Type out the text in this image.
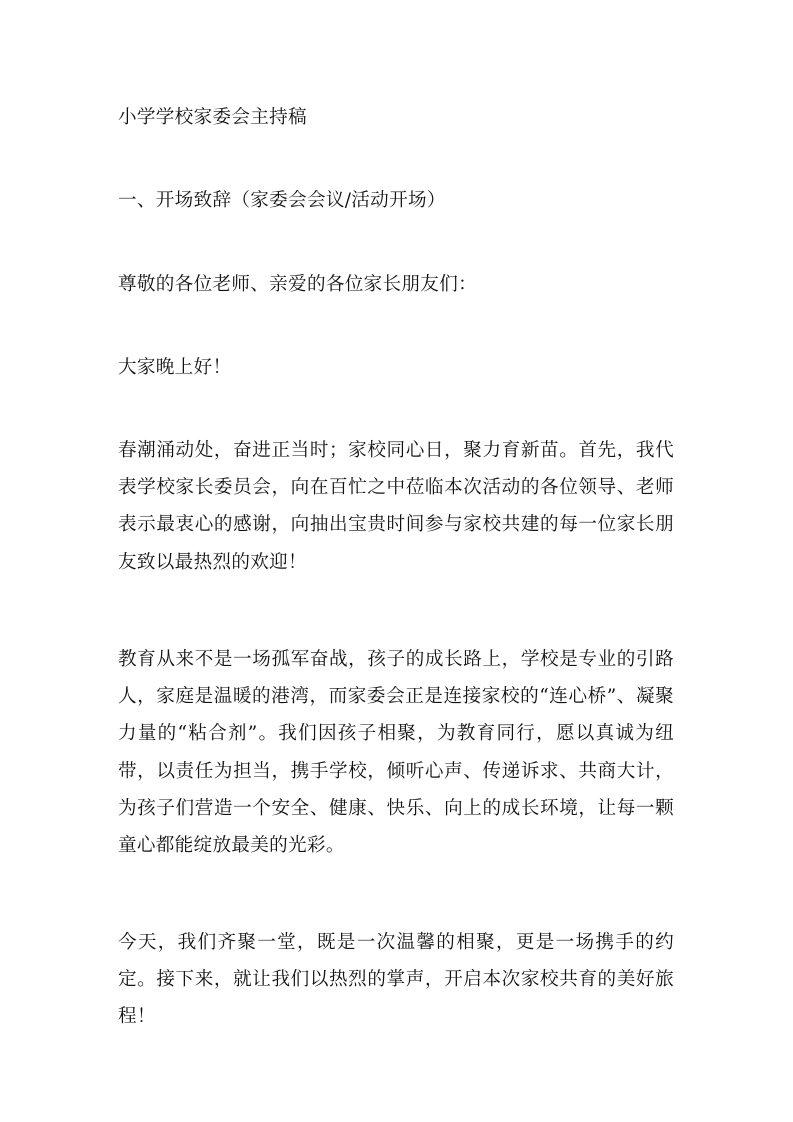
小学学校家委会主持稿
一、开场致辞（家委会会议/活动开场）
尊敬的各位老师、亲爱的各位家长朋友们：
大家晚上好！
春潮涌动处，奋进正当时；家校同心日，聚力育新苗。首先，我代表学校家长委员会，向在百忙之中莅临本次活动的各位领导、老师表示最衷心的感谢，向抽出宝贵时间参与家校共建的每一位家长朋友致以最热烈的欢迎！
教育从来不是一场孤军奋战，孩子的成长路上，学校是专业的引路人，家庭是温暖的港湾，而家委会正是连接家校的“连心桥”、凝聚力量的“粘合剂”。我们因孩子相聚，为教育同行，愿以真诚为纽带，以责任为担当，携手学校，倾听心声、传递诉求、共商大计，为孩子们营造一个安全、健康、快乐、向上的成长环境，让每一颗童心都能绽放最美的光彩。
今天，我们齐聚一堂，既是一次温馨的相聚，更是一场携手的约定。接下来，就让我们以热烈的掌声，开启本次家校共育的美好旅程！
